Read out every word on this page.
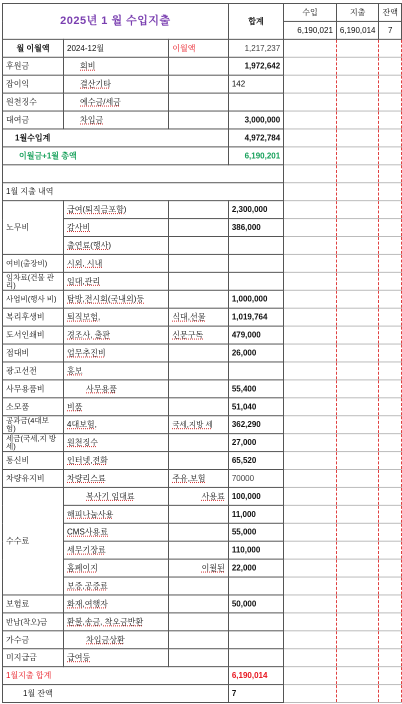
2025년 1 월 수입지출			합계	수입	지출	잔액
				6,190,021	6,190,014	7
월 이월액	2024-12월	이월액	1,217,237			
후원금	회비		1,972,642			
잡이익	결산기타		142			
원천징수	예수금/세금					
대여금	차입금		3,000,000			
1월수입계			4,972,784			
이월금+1월 총액			6,190,201			

1월 지출 내역						
노무비	급여(퇴직금포함)		2,300,000			
	감사비		386,000			
	출연료(행사)					
여비(출장비)	시외, 시내					
임차료(건물 관리)	임대,관리					
사업비(행사 비)	탐방,전시회(국내외)등		1,000,000			
복리후생비	퇴직보험,	식대,선물	1,019,764			
도서인쇄비	경조사, 출판	신문구독	479,000			
접대비	업무추진비		26,000			
광고선전	홍보					
사무용품비	사무용품		55,400			
소모품	비품		51,040			
공과금(4대보 험)	4대보험,	국세,지방 세	362,290			
세금(국세,지 방세)	원천징수		27,000			
통신비	인터넷,전화		65,520			
차량유지비	차량리스료	주유,보험	70000			
수수료	복사기 임대료	사용료	100,000			
	해피나눔사용		11,000			
	CMS사용료		55,000			
	세무기장료		110,000			
	홈페이지	이월된	22,000			
	보증,공증료					
보험료	화재,여행자		50,000			
반납(착오)금	환불,송금, 착오금반환					
가수금	차입금상환					
미지급금	급여등					
1월지출 합계			6,190,014			
1월 잔액			7			
